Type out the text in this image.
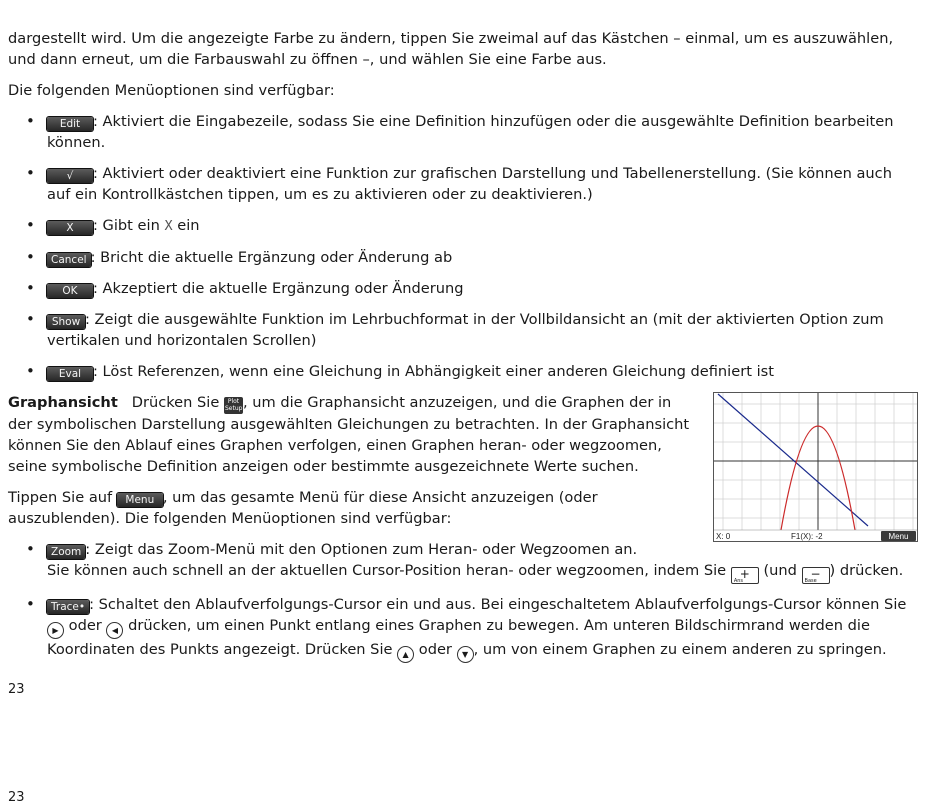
dargestellt wird. Um die angezeigte Farbe zu ändern, tippen Sie zweimal auf das Kästchen – einmal, um es auszuwählen,

und dann erneut, um die Farbauswahl zu öffnen –, und wählen Sie eine Farbe aus.

Die folgenden Menüoptionen sind verfügbar:

• Edit : Aktiviert die Eingabezeile, sodass Sie eine Definition hinzufügen oder die ausgewählte Definition bearbeiten können.
• √ : Aktiviert oder deaktiviert eine Funktion zur grafischen Darstellung und Tabellenerstellung. (Sie können auch auf ein Kontrollkästchen tippen, um es zu aktivieren oder zu deaktivieren.)
• X : Gibt ein X ein
• Cancel : Bricht die aktuelle Ergänzung oder Änderung ab
• OK : Akzeptiert die aktuelle Ergänzung oder Änderung
• Show : Zeigt die ausgewählte Funktion im Lehrbuchformat in der Vollbildansicht an (mit der aktivierten Option zum vertikalen und horizontalen Scrollen)
• Eval : Löst Referenzen, wenn eine Gleichung in Abhängigkeit einer anderen Gleichung definiert ist

Graphansicht Drücken Sie Plot
Setup , um die Graphansicht anzuzeigen, und die Graphen der in der symbolischen Darstellung ausgewählten Gleichungen zu betrachten. In der Graphansicht können Sie den Ablauf eines Graphen verfolgen, einen Graphen heran- oder wegzoomen, seine symbolische Definition anzeigen oder bestimmte ausgezeichnete Werte suchen.

Tippen Sie auf Menu , um das gesamte Menü für diese Ansicht anzuzeigen (oder auszublenden). Die folgenden Menüoptionen sind verfügbar:

X: 0	F1(X): -2	Menu
• Zoom : Zeigt das Zoom-Menü mit den Optionen zum Heran- oder Wegzoomen an.
Sie können auch schnell an der aktuellen Cursor-Position heran- oder wegzoomen, indem Sie +
Ans
(und −
Base
) drücken.
• Trace• : Schaltet den Ablaufverfolgungs-Cursor ein und aus. Bei eingeschaltetem Ablaufverfolgungs-Cursor können Sie ▶ oder ◀ drücken, um einen Punkt entlang eines Graphen zu bewegen. Am unteren Bildschirmrand werden die Koordinaten des Punkts angezeigt. Drücken Sie ▲ oder ▼ , um von einem Graphen zu einem anderen zu springen.
23
23
